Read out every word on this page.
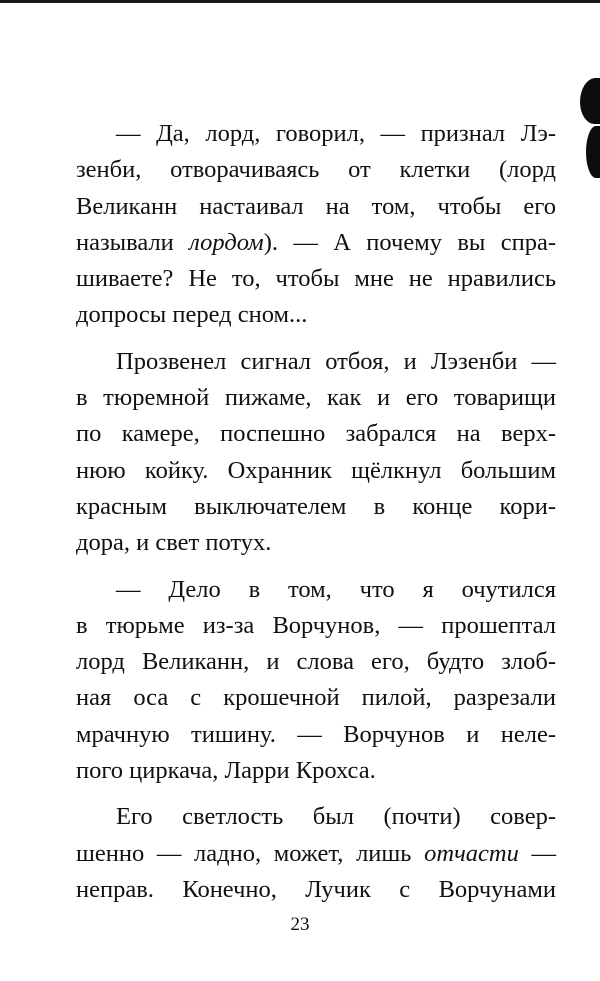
— Да, лорд, говорил, — признал Лэ-
зенби, отворачиваясь от клетки (лорд
Великанн настаивал на том, чтобы его
называли лордом). — А почему вы спра-
шиваете? Не то, чтобы мне не нравились
допросы перед сном...
Прозвенел сигнал отбоя, и Лэзенби —
в тюремной пижаме, как и его товарищи
по камере, поспешно забрался на верх-
нюю койку. Охранник щёлкнул большим
красным выключателем в конце кори-
дора, и свет потух.
— Дело в том, что я очутился
в тюрьме из-за Ворчунов, — прошептал
лорд Великанн, и слова его, будто злоб-
ная оса с крошечной пилой, разрезали
мрачную тишину. — Ворчунов и неле-
пого циркача, Ларри Крохса.
Его светлость был (почти) совер-
шенно — ладно, может, лишь отчасти —
неправ. Конечно, Лучик с Ворчунами
23
